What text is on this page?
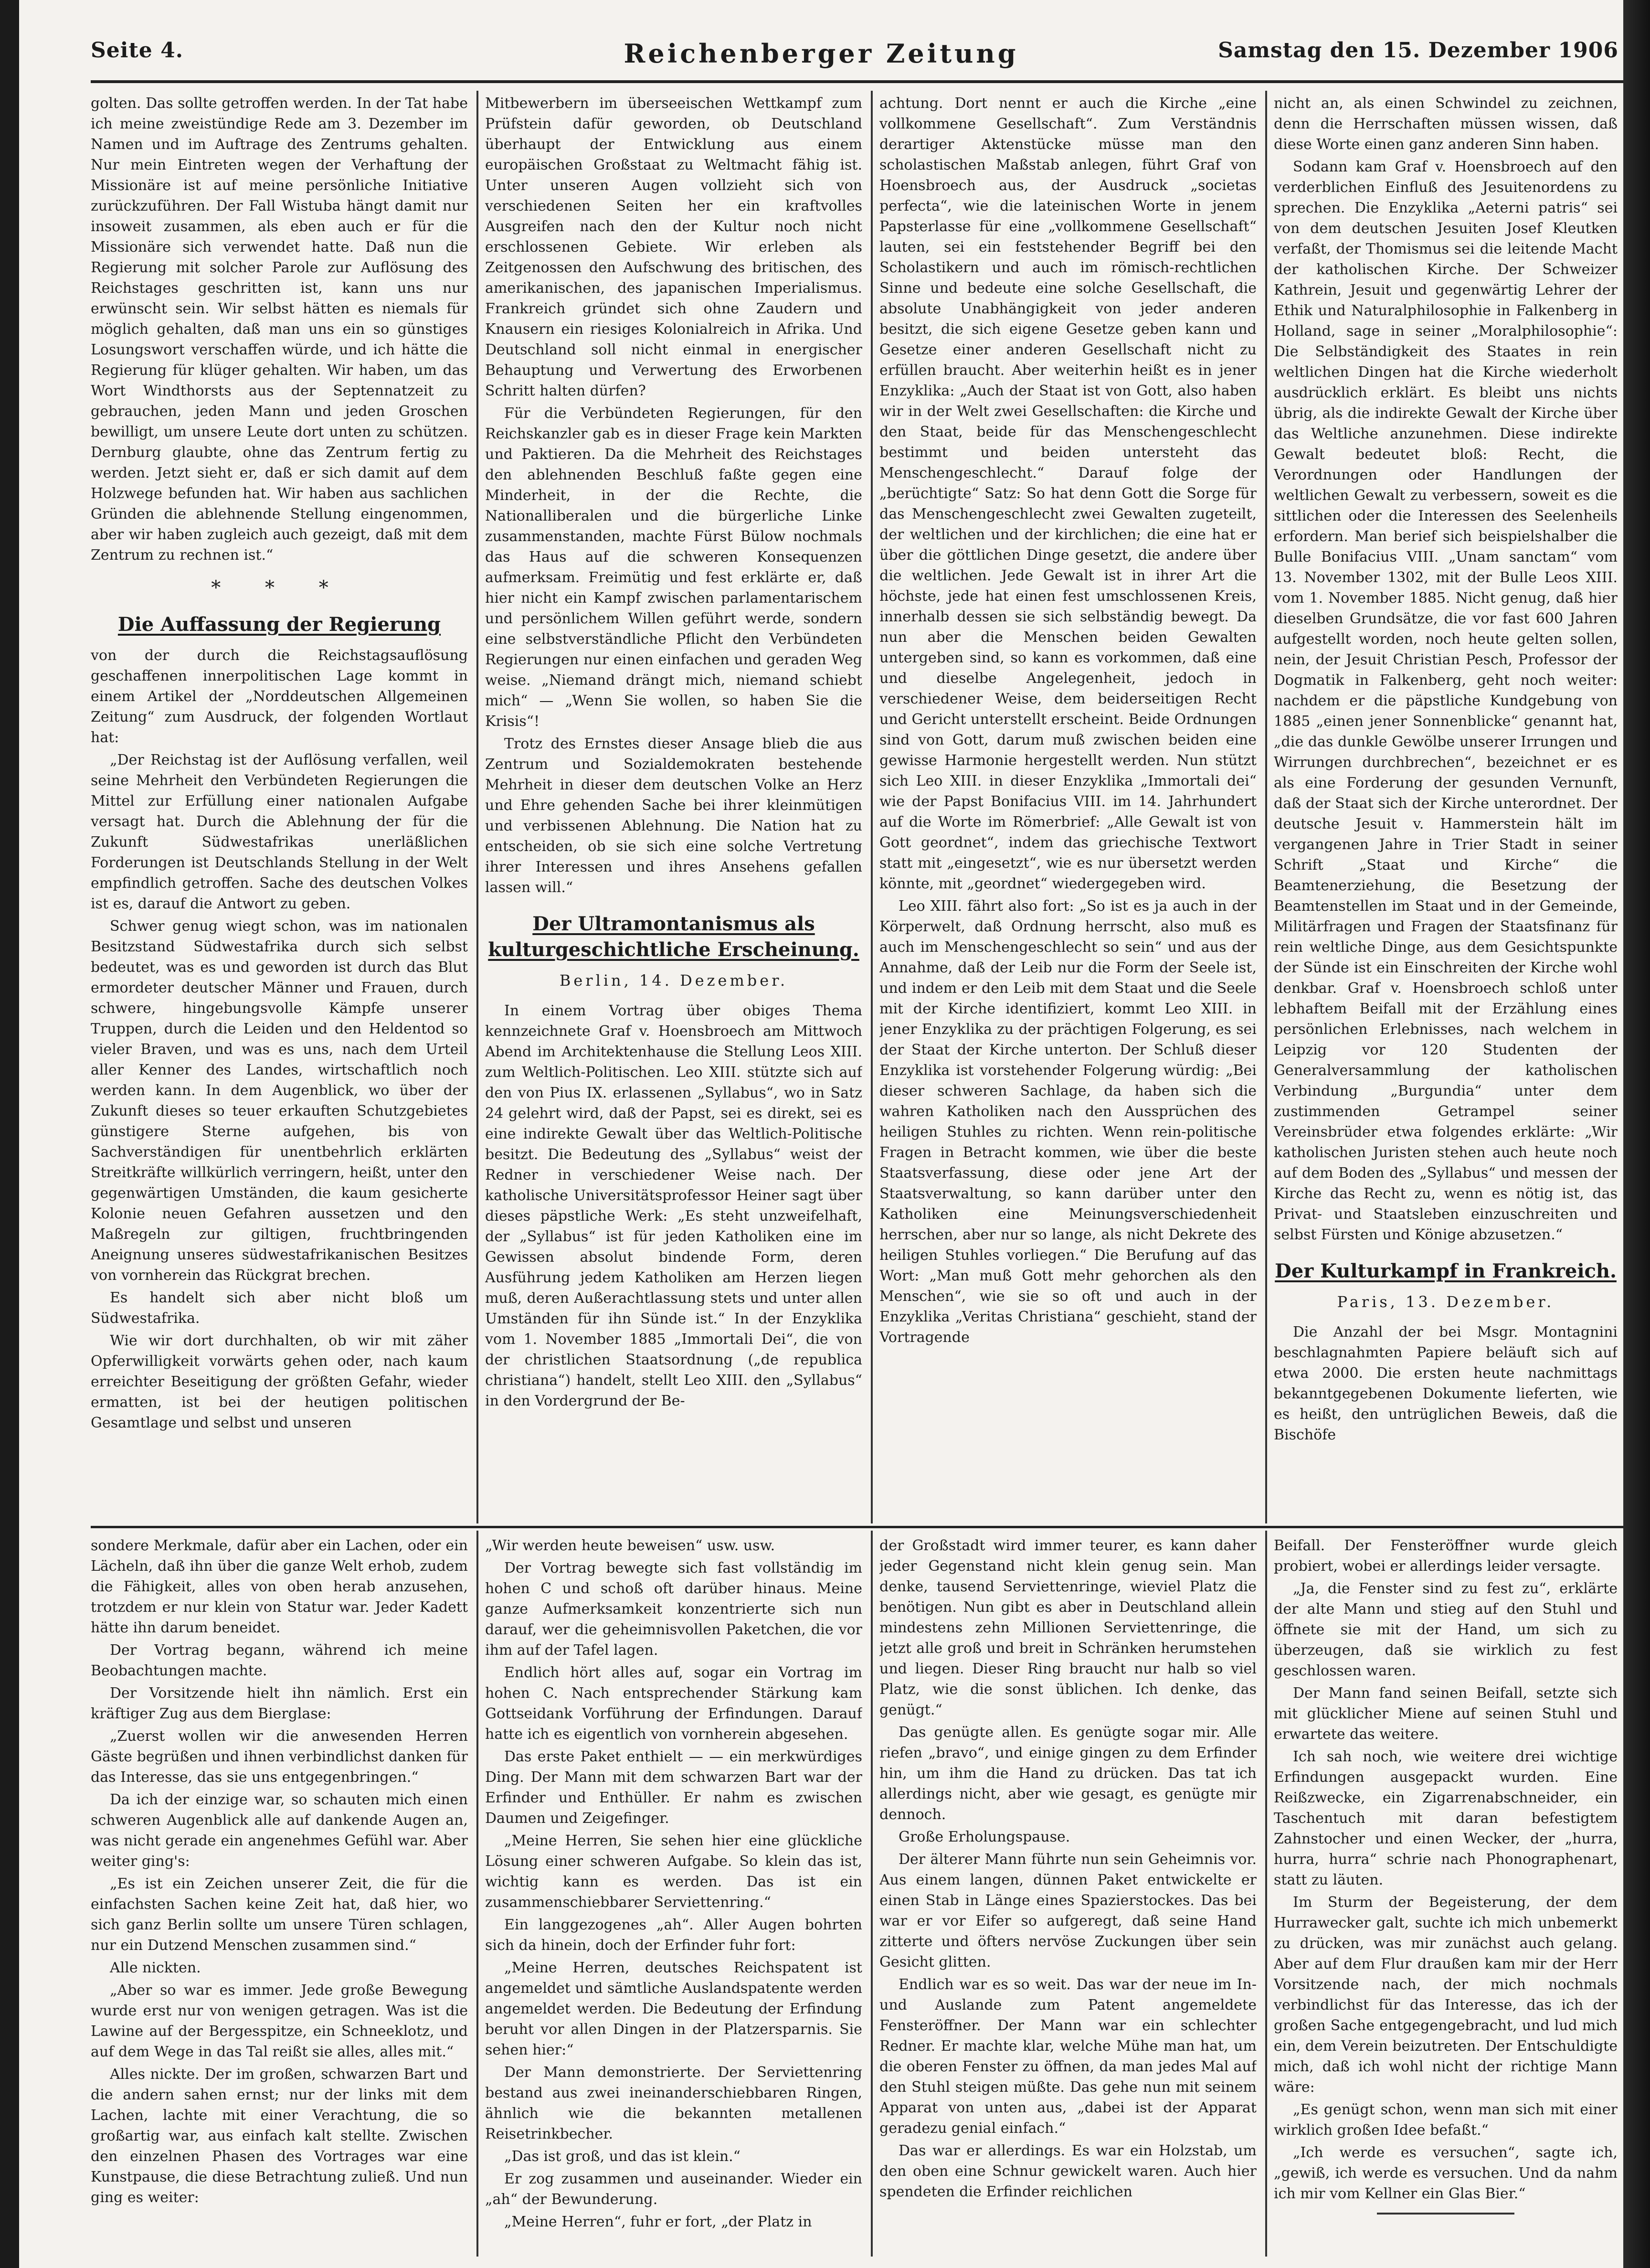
Seite 4.	Reichenberger Zeitung	Samstag den 15. Dezember 1906

golten. Das sollte getroffen werden. In der Tat habe ich meine zweistündige Rede am 3. Dezember im Namen und im Auftrage des Zentrums gehalten. Nur mein Eintreten wegen der Verhaftung der Missionäre ist auf meine persönliche Initiative zurückzuführen. Der Fall Wistuba hängt damit nur insoweit zusammen, als eben auch er für die Missionäre sich verwendet hatte. Daß nun die Regierung mit solcher Parole zur Auflösung des Reichstages geschritten ist, kann uns nur erwünscht sein. Wir selbst hätten es niemals für möglich gehalten, daß man uns ein so günstiges Losungswort verschaffen würde, und ich hätte die Regierung für klüger gehalten. Wir haben, um das Wort Windthorsts aus der Septennatzeit zu gebrauchen, jeden Mann und jeden Groschen bewilligt, um unsere Leute dort unten zu schützen. Dernburg glaubte, ohne das Zentrum fertig zu werden. Jetzt sieht er, daß er sich damit auf dem Holzwege befunden hat. Wir haben aus sachlichen Gründen die ablehnende Stellung eingenommen, aber wir haben zugleich auch gezeigt, daß mit dem Zentrum zu rechnen ist.“

* * *
Die Auffassung der Regierung

von der durch die Reichstagsauflösung geschaffenen innerpolitischen Lage kommt in einem Artikel der „Norddeutschen Allgemeinen Zeitung“ zum Ausdruck, der folgenden Wortlaut hat:

„Der Reichstag ist der Auflösung verfallen, weil seine Mehrheit den Verbündeten Regierungen die Mittel zur Erfüllung einer nationalen Aufgabe versagt hat. Durch die Ablehnung der für die Zukunft Südwestafrikas unerläßlichen Forderungen ist Deutschlands Stellung in der Welt empfindlich getroffen. Sache des deutschen Volkes ist es, darauf die Antwort zu geben.

Schwer genug wiegt schon, was im nationalen Besitzstand Südwestafrika durch sich selbst bedeutet, was es und geworden ist durch das Blut ermordeter deutscher Männer und Frauen, durch schwere, hingebungsvolle Kämpfe unserer Truppen, durch die Leiden und den Heldentod so vieler Braven, und was es uns, nach dem Urteil aller Kenner des Landes, wirtschaftlich noch werden kann. In dem Augenblick, wo über der Zukunft dieses so teuer erkauften Schutzgebietes günstigere Sterne aufgehen, bis von Sachverständigen für unentbehrlich erklärten Streitkräfte willkürlich verringern, heißt, unter den gegenwärtigen Umständen, die kaum gesicherte Kolonie neuen Gefahren aussetzen und den Maßregeln zur giltigen, fruchtbringenden Aneignung unseres südwestafrikanischen Besitzes von vornherein das Rückgrat brechen.

Es handelt sich aber nicht bloß um Südwestafrika.

Wie wir dort durchhalten, ob wir mit zäher Opferwilligkeit vorwärts gehen oder, nach kaum erreichter Beseitigung der größten Gefahr, wieder ermatten, ist bei der heutigen politischen Gesamtlage und selbst und unseren

Mitbewerbern im überseeischen Wettkampf zum Prüfstein dafür geworden, ob Deutschland überhaupt der Entwicklung aus einem europäischen Großstaat zu Weltmacht fähig ist. Unter unseren Augen vollzieht sich von verschiedenen Seiten her ein kraftvolles Ausgreifen nach den der Kultur noch nicht erschlossenen Gebiete. Wir erleben als Zeitgenossen den Aufschwung des britischen, des amerikanischen, des japanischen Imperialismus. Frankreich gründet sich ohne Zaudern und Knausern ein riesiges Kolonialreich in Afrika. Und Deutschland soll nicht einmal in energischer Behauptung und Verwertung des Erworbenen Schritt halten dürfen?

Für die Verbündeten Regierungen, für den Reichskanzler gab es in dieser Frage kein Markten und Paktieren. Da die Mehrheit des Reichstages den ablehnenden Beschluß faßte gegen eine Minderheit, in der die Rechte, die Nationalliberalen und die bürgerliche Linke zusammenstanden, machte Fürst Bülow nochmals das Haus auf die schweren Konsequenzen aufmerksam. Freimütig und fest erklärte er, daß hier nicht ein Kampf zwischen parlamentarischem und persönlichem Willen geführt werde, sondern eine selbstverständliche Pflicht den Verbündeten Regierungen nur einen einfachen und geraden Weg weise. „Niemand drängt mich, niemand schiebt mich“ — „Wenn Sie wollen, so haben Sie die Krisis“!

Trotz des Ernstes dieser Ansage blieb die aus Zentrum und Sozialdemokraten bestehende Mehrheit in dieser dem deutschen Volke an Herz und Ehre gehenden Sache bei ihrer kleinmütigen und verbissenen Ablehnung. Die Nation hat zu entscheiden, ob sie sich eine solche Vertretung ihrer Interessen und ihres Ansehens gefallen lassen will.“

Der Ultramontanismus als kulturgeschichtliche Erscheinung.
Berlin, 14. Dezember.

In einem Vortrag über obiges Thema kennzeichnete Graf v. Hoensbroech am Mittwoch Abend im Architektenhause die Stellung Leos XIII. zum Weltlich-Politischen. Leo XIII. stützte sich auf den von Pius IX. erlassenen „Syllabus“, wo in Satz 24 gelehrt wird, daß der Papst, sei es direkt, sei es eine indirekte Gewalt über das Weltlich-Politische besitzt. Die Bedeutung des „Syllabus“ weist der Redner in verschiedener Weise nach. Der katholische Universitätsprofessor Heiner sagt über dieses päpstliche Werk: „Es steht unzweifelhaft, der „Syllabus“ ist für jeden Katholiken eine im Gewissen absolut bindende Form, deren Ausführung jedem Katholiken am Herzen liegen muß, deren Außerachtlassung stets und unter allen Umständen für ihn Sünde ist.“ In der Enzyklika vom 1. November 1885 „Immortali Dei“, die von der christlichen Staatsordnung („de republica christiana“) handelt, stellt Leo XIII. den „Syllabus“ in den Vordergrund der Be-

achtung. Dort nennt er auch die Kirche „eine vollkommene Gesellschaft“. Zum Verständnis derartiger Aktenstücke müsse man den scholastischen Maßstab anlegen, führt Graf von Hoensbroech aus, der Ausdruck „societas perfecta“, wie die lateinischen Worte in jenem Papsterlasse für eine „vollkommene Gesellschaft“ lauten, sei ein feststehender Begriff bei den Scholastikern und auch im römisch-rechtlichen Sinne und bedeute eine solche Gesellschaft, die absolute Unabhängigkeit von jeder anderen besitzt, die sich eigene Gesetze geben kann und Gesetze einer anderen Gesellschaft nicht zu erfüllen braucht. Aber weiterhin heißt es in jener Enzyklika: „Auch der Staat ist von Gott, also haben wir in der Welt zwei Gesellschaften: die Kirche und den Staat, beide für das Menschengeschlecht bestimmt und beiden untersteht das Menschengeschlecht.“ Darauf folge der „berüchtigte“ Satz: So hat denn Gott die Sorge für das Menschengeschlecht zwei Gewalten zugeteilt, der weltlichen und der kirchlichen; die eine hat er über die göttlichen Dinge gesetzt, die andere über die weltlichen. Jede Gewalt ist in ihrer Art die höchste, jede hat einen fest umschlossenen Kreis, innerhalb dessen sie sich selbständig bewegt. Da nun aber die Menschen beiden Gewalten untergeben sind, so kann es vorkommen, daß eine und dieselbe Angelegenheit, jedoch in verschiedener Weise, dem beiderseitigen Recht und Gericht unterstellt erscheint. Beide Ordnungen sind von Gott, darum muß zwischen beiden eine gewisse Harmonie hergestellt werden. Nun stützt sich Leo XIII. in dieser Enzyklika „Immortali dei“ wie der Papst Bonifacius VIII. im 14. Jahrhundert auf die Worte im Römerbrief: „Alle Gewalt ist von Gott geordnet“, indem das griechische Textwort statt mit „eingesetzt“, wie es nur übersetzt werden könnte, mit „geordnet“ wiedergegeben wird.

Leo XIII. fährt also fort: „So ist es ja auch in der Körperwelt, daß Ordnung herrscht, also muß es auch im Menschengeschlecht so sein“ und aus der Annahme, daß der Leib nur die Form der Seele ist, und indem er den Leib mit dem Staat und die Seele mit der Kirche identifiziert, kommt Leo XIII. in jener Enzyklika zu der prächtigen Folgerung, es sei der Staat der Kirche unterton. Der Schluß dieser Enzyklika ist vorstehender Folgerung würdig: „Bei dieser schweren Sachlage, da haben sich die wahren Katholiken nach den Aussprüchen des heiligen Stuhles zu richten. Wenn rein-politische Fragen in Betracht kommen, wie über die beste Staatsverfassung, diese oder jene Art der Staatsverwaltung, so kann darüber unter den Katholiken eine Meinungsverschiedenheit herrschen, aber nur so lange, als nicht Dekrete des heiligen Stuhles vorliegen.“ Die Berufung auf das Wort: „Man muß Gott mehr gehorchen als den Menschen“, wie sie so oft und auch in der Enzyklika „Veritas Christiana“ geschieht, stand der Vortragende

nicht an, als einen Schwindel zu zeichnen, denn die Herrschaften müssen wissen, daß diese Worte einen ganz anderen Sinn haben.

Sodann kam Graf v. Hoensbroech auf den verderblichen Einfluß des Jesuitenordens zu sprechen. Die Enzyklika „Aeterni patris“ sei von dem deutschen Jesuiten Josef Kleutken verfaßt, der Thomismus sei die leitende Macht der katholischen Kirche. Der Schweizer Kathrein, Jesuit und gegenwärtig Lehrer der Ethik und Naturalphilosophie in Falkenberg in Holland, sage in seiner „Moralphilosophie“: Die Selbständigkeit des Staates in rein weltlichen Dingen hat die Kirche wiederholt ausdrücklich erklärt. Es bleibt uns nichts übrig, als die indirekte Gewalt der Kirche über das Weltliche anzunehmen. Diese indirekte Gewalt bedeutet bloß: Recht, die Verordnungen oder Handlungen der weltlichen Gewalt zu verbessern, soweit es die sittlichen oder die Interessen des Seelenheils erfordern. Man berief sich beispielshalber die Bulle Bonifacius VIII. „Unam sanctam“ vom 13. November 1302, mit der Bulle Leos XIII. vom 1. November 1885. Nicht genug, daß hier dieselben Grundsätze, die vor fast 600 Jahren aufgestellt worden, noch heute gelten sollen, nein, der Jesuit Christian Pesch, Professor der Dogmatik in Falkenberg, geht noch weiter: nachdem er die päpstliche Kundgebung von 1885 „einen jener Sonnenblicke“ genannt hat, „die das dunkle Gewölbe unserer Irrungen und Wirrungen durchbrechen“, bezeichnet er es als eine Forderung der gesunden Vernunft, daß der Staat sich der Kirche unterordnet. Der deutsche Jesuit v. Hammerstein hält im vergangenen Jahre in Trier Stadt in seiner Schrift „Staat und Kirche“ die Beamtenerziehung, die Besetzung der Beamtenstellen im Staat und in der Gemeinde, Militärfragen und Fragen der Staatsfinanz für rein weltliche Dinge, aus dem Gesichtspunkte der Sünde ist ein Einschreiten der Kirche wohl denkbar. Graf v. Hoensbroech schloß unter lebhaftem Beifall mit der Erzählung eines persönlichen Erlebnisses, nach welchem in Leipzig vor 120 Studenten der Generalversammlung der katholischen Verbindung „Burgundia“ unter dem zustimmenden Getrampel seiner Vereinsbrüder etwa folgendes erklärte: „Wir katholischen Juristen stehen auch heute noch auf dem Boden des „Syllabus“ und messen der Kirche das Recht zu, wenn es nötig ist, das Privat- und Staatsleben einzuschreiten und selbst Fürsten und Könige abzusetzen.“

Der Kulturkampf in Frankreich.
Paris, 13. Dezember.

Die Anzahl der bei Msgr. Montagnini beschlagnahmten Papiere beläuft sich auf etwa 2000. Die ersten heute nachmittags bekanntgegebenen Dokumente lieferten, wie es heißt, den untrüglichen Beweis, daß die Bischöfe

sondere Merkmale, dafür aber ein Lachen, oder ein Lächeln, daß ihn über die ganze Welt erhob, zudem die Fähigkeit, alles von oben herab anzusehen, trotzdem er nur klein von Statur war. Jeder Kadett hätte ihn darum beneidet.

Der Vortrag begann, während ich meine Beobachtungen machte.

Der Vorsitzende hielt ihn nämlich. Erst ein kräftiger Zug aus dem Bierglase:

„Zuerst wollen wir die anwesenden Herren Gäste begrüßen und ihnen verbindlichst danken für das Interesse, das sie uns entgegenbringen.“

Da ich der einzige war, so schauten mich einen schweren Augenblick alle auf dankende Augen an, was nicht gerade ein angenehmes Gefühl war. Aber weiter ging's:

„Es ist ein Zeichen unserer Zeit, die für die einfachsten Sachen keine Zeit hat, daß hier, wo sich ganz Berlin sollte um unsere Türen schlagen, nur ein Dutzend Menschen zusammen sind.“

Alle nickten.

„Aber so war es immer. Jede große Bewegung wurde erst nur von wenigen getragen. Was ist die Lawine auf der Bergesspitze, ein Schneeklotz, und auf dem Wege in das Tal reißt sie alles, alles mit.“

Alles nickte. Der im großen, schwarzen Bart und die andern sahen ernst; nur der links mit dem Lachen, lachte mit einer Verachtung, die so großartig war, aus einfach kalt stellte. Zwischen den einzelnen Phasen des Vortrages war eine Kunstpause, die diese Betrachtung zuließ. Und nun ging es weiter:

„Wir werden heute beweisen“ usw. usw.

Der Vortrag bewegte sich fast vollständig im hohen C und schoß oft darüber hinaus. Meine ganze Aufmerksamkeit konzentrierte sich nun darauf, wer die geheimnisvollen Paketchen, die vor ihm auf der Tafel lagen.

Endlich hört alles auf, sogar ein Vortrag im hohen C. Nach entsprechender Stärkung kam Gottseidank Vorführung der Erfindungen. Darauf hatte ich es eigentlich von vornherein abgesehen.

Das erste Paket enthielt — — ein merkwürdiges Ding. Der Mann mit dem schwarzen Bart war der Erfinder und Enthüller. Er nahm es zwischen Daumen und Zeigefinger.

„Meine Herren, Sie sehen hier eine glückliche Lösung einer schweren Aufgabe. So klein das ist, wichtig kann es werden. Das ist ein zusammenschiebbarer Serviettenring.“

Ein langgezogenes „ah“. Aller Augen bohrten sich da hinein, doch der Erfinder fuhr fort:

„Meine Herren, deutsches Reichspatent ist angemeldet und sämtliche Auslandspatente werden angemeldet werden. Die Bedeutung der Erfindung beruht vor allen Dingen in der Platzersparnis. Sie sehen hier:“

Der Mann demonstrierte. Der Serviettenring bestand aus zwei ineinanderschiebbaren Ringen, ähnlich wie die bekannten metallenen Reisetrinkbecher.

„Das ist groß, und das ist klein.“

Er zog zusammen und auseinander. Wieder ein „ah“ der Bewunderung.

„Meine Herren“, fuhr er fort, „der Platz in

der Großstadt wird immer teurer, es kann daher jeder Gegenstand nicht klein genug sein. Man denke, tausend Serviettenringe, wieviel Platz die benötigen. Nun gibt es aber in Deutschland allein mindestens zehn Millionen Serviettenringe, die jetzt alle groß und breit in Schränken herumstehen und liegen. Dieser Ring braucht nur halb so viel Platz, wie die sonst üblichen. Ich denke, das genügt.“

Das genügte allen. Es genügte sogar mir. Alle riefen „bravo“, und einige gingen zu dem Erfinder hin, um ihm die Hand zu drücken. Das tat ich allerdings nicht, aber wie gesagt, es genügte mir dennoch.

Große Erholungspause.

Der älterer Mann führte nun sein Geheimnis vor. Aus einem langen, dünnen Paket entwickelte er einen Stab in Länge eines Spazierstockes. Das bei war er vor Eifer so aufgeregt, daß seine Hand zitterte und öfters nervöse Zuckungen über sein Gesicht glitten.

Endlich war es so weit. Das war der neue im In- und Auslande zum Patent angemeldete Fensteröffner. Der Mann war ein schlechter Redner. Er machte klar, welche Mühe man hat, um die oberen Fenster zu öffnen, da man jedes Mal auf den Stuhl steigen müßte. Das gehe nun mit seinem Apparat von unten aus, „dabei ist der Apparat geradezu genial einfach.“

Das war er allerdings. Es war ein Holzstab, um den oben eine Schnur gewickelt waren. Auch hier spendeten die Erfinder reichlichen

Beifall. Der Fensteröffner wurde gleich probiert, wobei er allerdings leider versagte.

„Ja, die Fenster sind zu fest zu“, erklärte der alte Mann und stieg auf den Stuhl und öffnete sie mit der Hand, um sich zu überzeugen, daß sie wirklich zu fest geschlossen waren.

Der Mann fand seinen Beifall, setzte sich mit glücklicher Miene auf seinen Stuhl und erwartete das weitere.

Ich sah noch, wie weitere drei wichtige Erfindungen ausgepackt wurden. Eine Reißzwecke, ein Zigarrenabschneider, ein Taschentuch mit daran befestigtem Zahnstocher und einen Wecker, der „hurra, hurra, hurra“ schrie nach Phonographenart, statt zu läuten.

Im Sturm der Begeisterung, der dem Hurrawecker galt, suchte ich mich unbemerkt zu drücken, was mir zunächst auch gelang. Aber auf dem Flur draußen kam mir der Herr Vorsitzende nach, der mich nochmals verbindlichst für das Interesse, das ich der großen Sache entgegengebracht, und lud mich ein, dem Verein beizutreten. Der Entschuldigte mich, daß ich wohl nicht der richtige Mann wäre:

„Es genügt schon, wenn man sich mit einer wirklich großen Idee befaßt.“

„Ich werde es versuchen“, sagte ich, „gewiß, ich werde es versuchen. Und da nahm ich mir vom Kellner ein Glas Bier.“
